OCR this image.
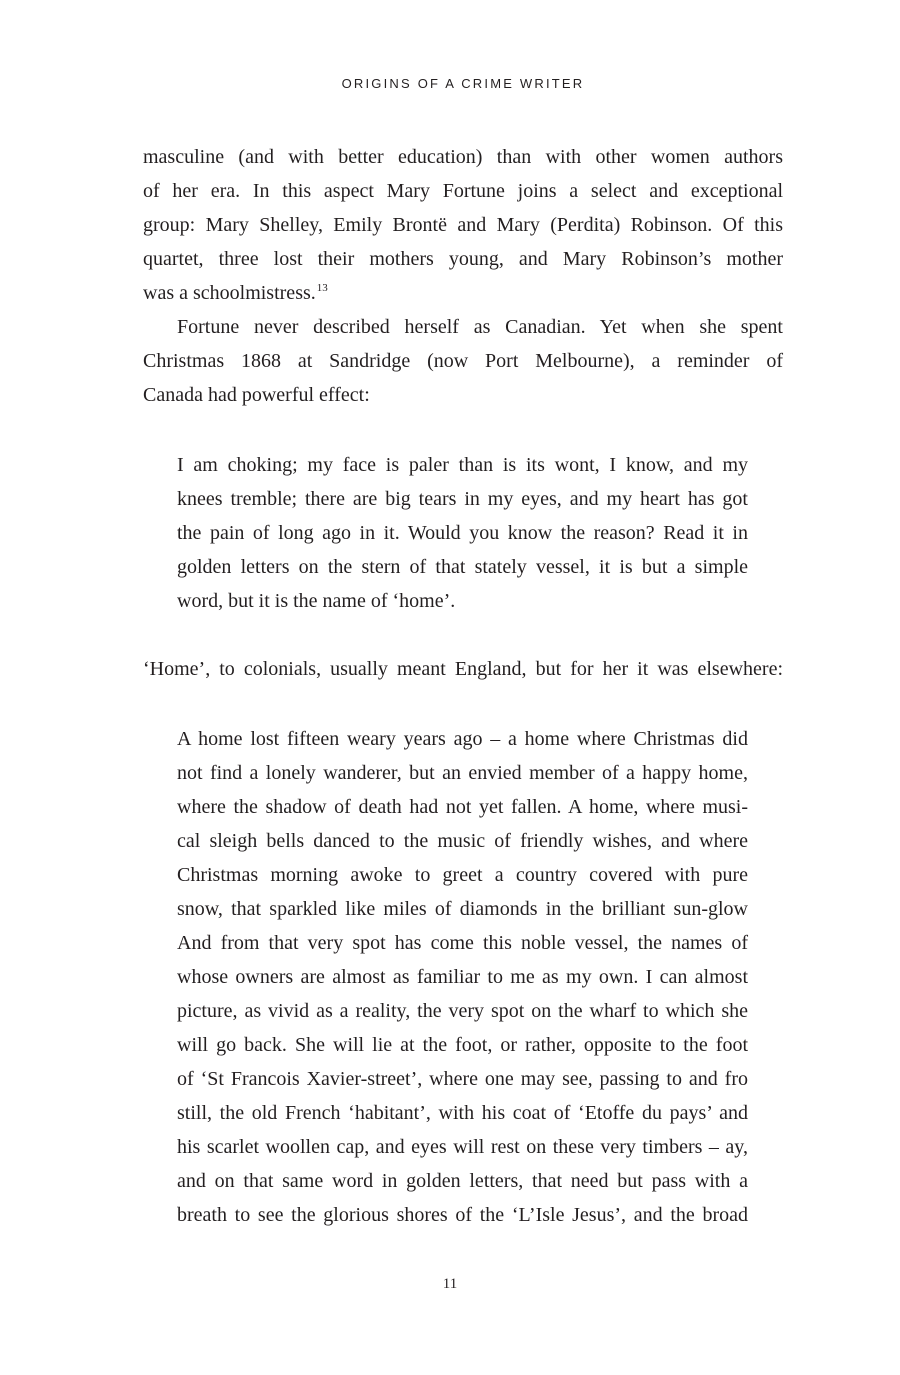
ORIGINS OF A CRIME WRITER
masculine (and with better education) than with other women authors
of her era. In this aspect Mary Fortune joins a select and exceptional
group: Mary Shelley, Emily Brontë and Mary (Perdita) Robinson. Of this
quartet, three lost their mothers young, and Mary Robinson’s mother
was a schoolmistress.$^{13}$
Fortune never described herself as Canadian. Yet when she spent
Christmas 1868 at Sandridge (now Port Melbourne), a reminder of
Canada had powerful effect:
I am choking; my face is paler than is its wont, I know, and my
knees tremble; there are big tears in my eyes, and my heart has got
the pain of long ago in it. Would you know the reason? Read it in
golden letters on the stern of that stately vessel, it is but a simple
word, but it is the name of ‘home’.
‘Home’, to colonials, usually meant England, but for her it was elsewhere:
A home lost fifteen weary years ago – a home where Christmas did
not find a lonely wanderer, but an envied member of a happy home,
where the shadow of death had not yet fallen. A home, where musi-
cal sleigh bells danced to the music of friendly wishes, and where
Christmas morning awoke to greet a country covered with pure
snow, that sparkled like miles of diamonds in the brilliant sun-glow
And from that very spot has come this noble vessel, the names of
whose owners are almost as familiar to me as my own. I can almost
picture, as vivid as a reality, the very spot on the wharf to which she
will go back. She will lie at the foot, or rather, opposite to the foot
of ‘St Francois Xavier-street’, where one may see, passing to and fro
still, the old French ‘habitant’, with his coat of ‘Etoffe du pays’ and
his scarlet woollen cap, and eyes will rest on these very timbers – ay,
and on that same word in golden letters, that need but pass with a
breath to see the glorious shores of the ‘L’Isle Jesus’, and the broad
11
